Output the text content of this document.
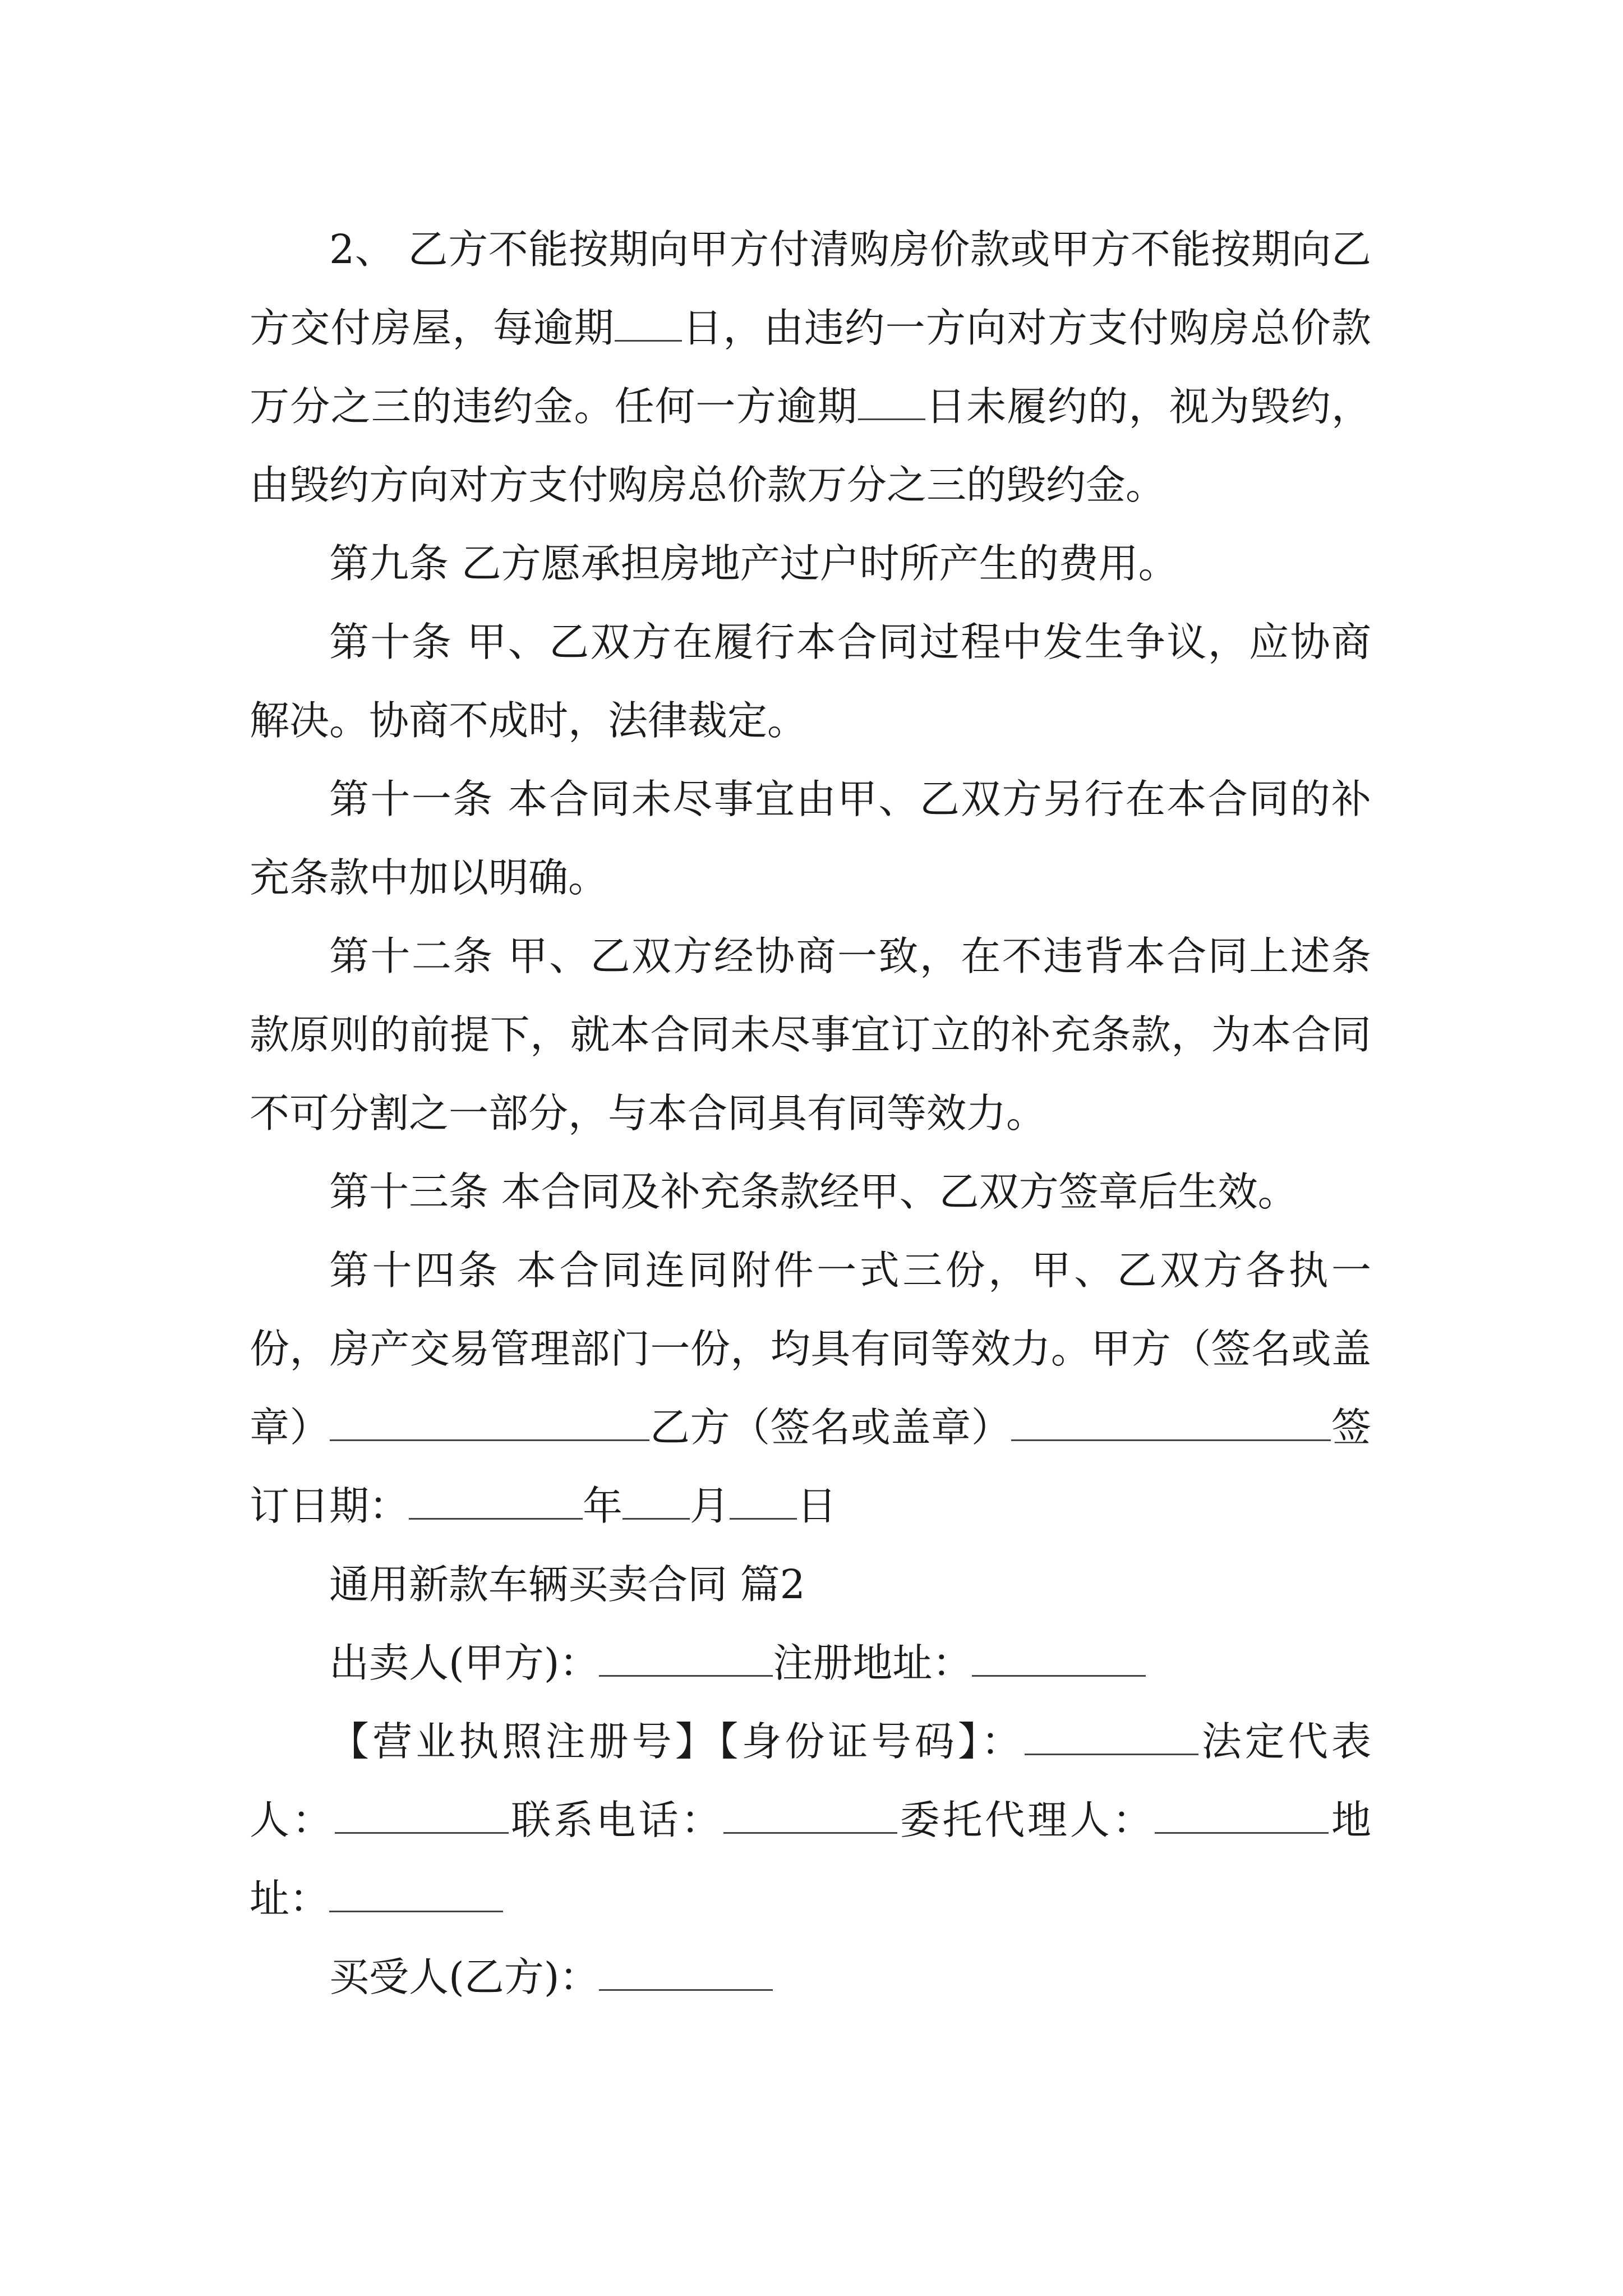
2、 乙方不能按期向甲方付清购房价款或甲方不能按期向乙方交付房屋，每逾期 日，由违约一方向对方支付购房总价款万分之三的违约金。任何一方逾期 日未履约的，视为毁约，由毁约方向对方支付购房总价款万分之三的毁约金。

第九条 乙方愿承担房地产过户时所产生的费用。

第十条 甲、乙双方在履行本合同过程中发生争议，应协商解决。协商不成时，法律裁定。

第十一条 本合同未尽事宜由甲、乙双方另行在本合同的补充条款中加以明确。

第十二条 甲、乙双方经协商一致，在不违背本合同上述条款原则的前提下，就本合同未尽事宜订立的补充条款，为本合同不可分割之一部分，与本合同具有同等效力。

第十三条 本合同及补充条款经甲、乙双方签章后生效。

第十四条 本合同连同附件一式三份，甲、乙双方各执一份，房产交易管理部门一份，均具有同等效力。甲方（签名或盖章）	乙方（签名或盖章）	签订日期：	年 月 日

通用新款车辆买卖合同 篇2

出卖人(甲方)：	注册地址：

【营业执照注册号】【身份证号码】：	法定代表人：	联系电话：	委托代理人：	地址：

买受人(乙方)：
